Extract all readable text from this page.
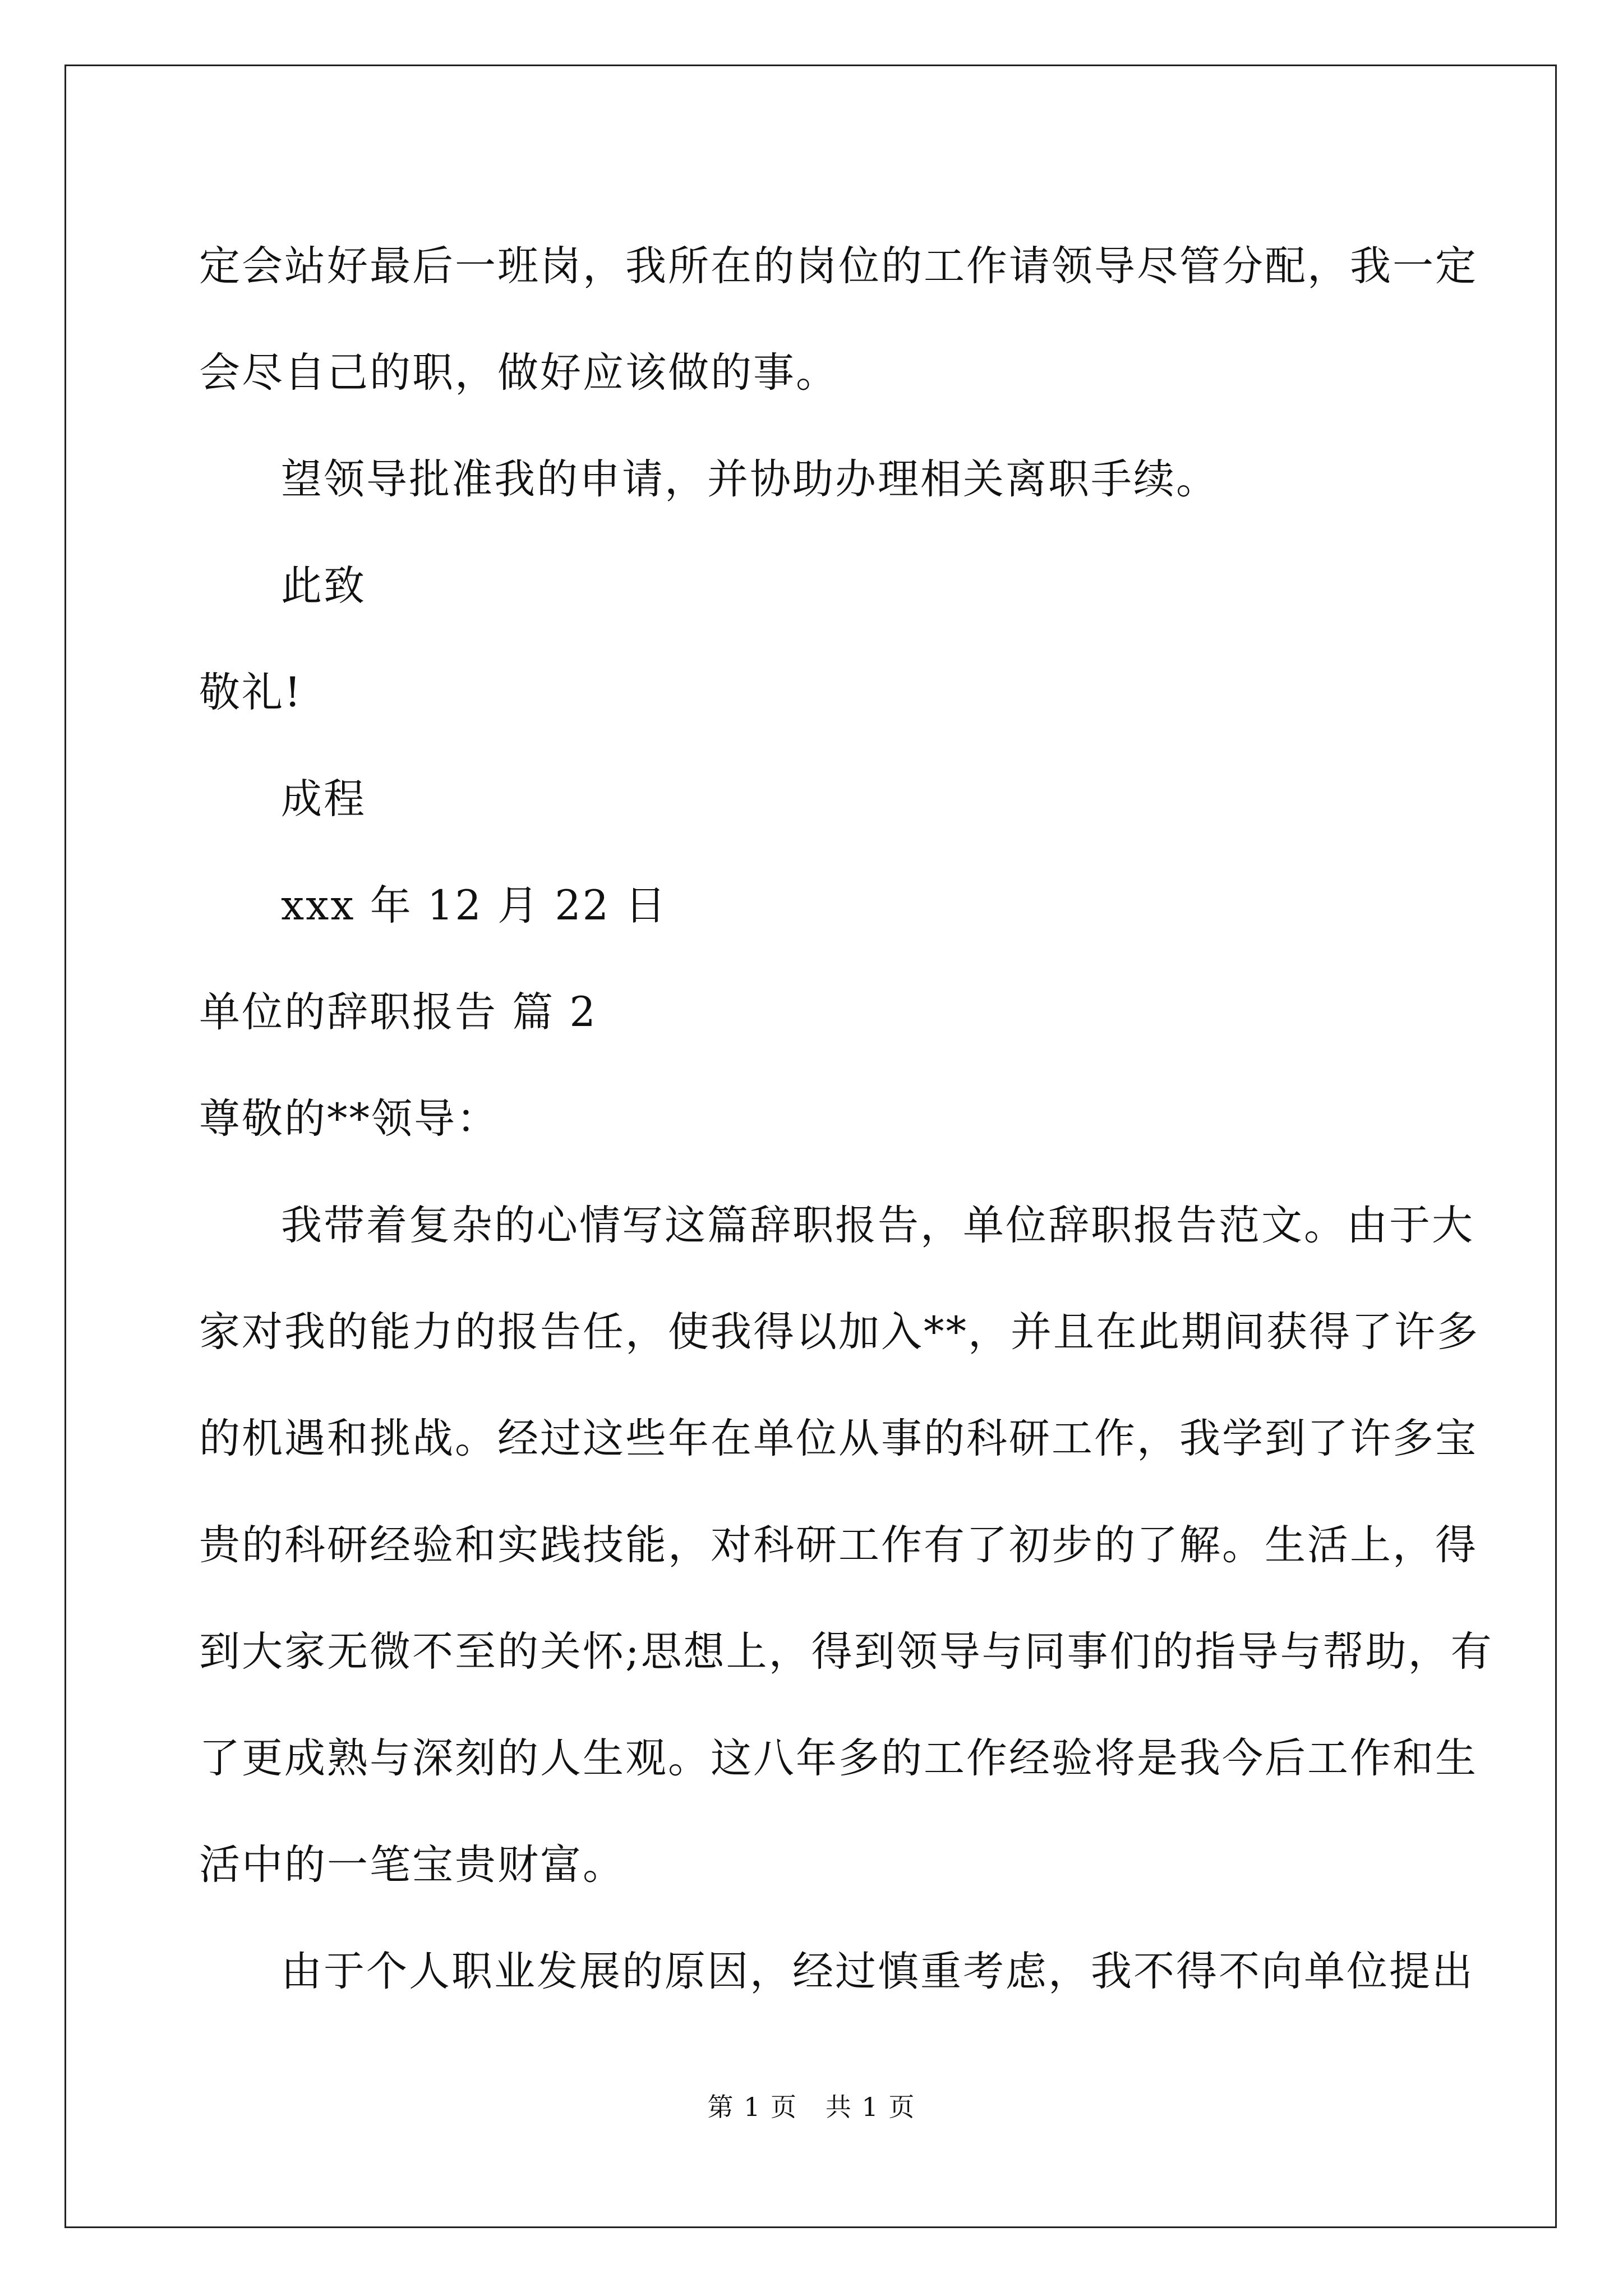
定会站好最后一班岗，我所在的岗位的工作请领导尽管分配，我一定
会尽自己的职，做好应该做的事。
望领导批准我的申请，并协助办理相关离职手续。
此致
敬礼!
成程
xxx 年 12 月 22 日
单位的辞职报告 篇 2
尊敬的**领导：
我带着复杂的心情写这篇辞职报告，单位辞职报告范文。由于大
家对我的能力的报告任，使我得以加入**，并且在此期间获得了许多
的机遇和挑战。经过这些年在单位从事的科研工作，我学到了许多宝
贵的科研经验和实践技能，对科研工作有了初步的了解。生活上，得
到大家无微不至的关怀;思想上，得到领导与同事们的指导与帮助，有
了更成熟与深刻的人生观。这八年多的工作经验将是我今后工作和生
活中的一笔宝贵财富。
由于个人职业发展的原因，经过慎重考虑，我不得不向单位提出
第 1 页   共 1 页
